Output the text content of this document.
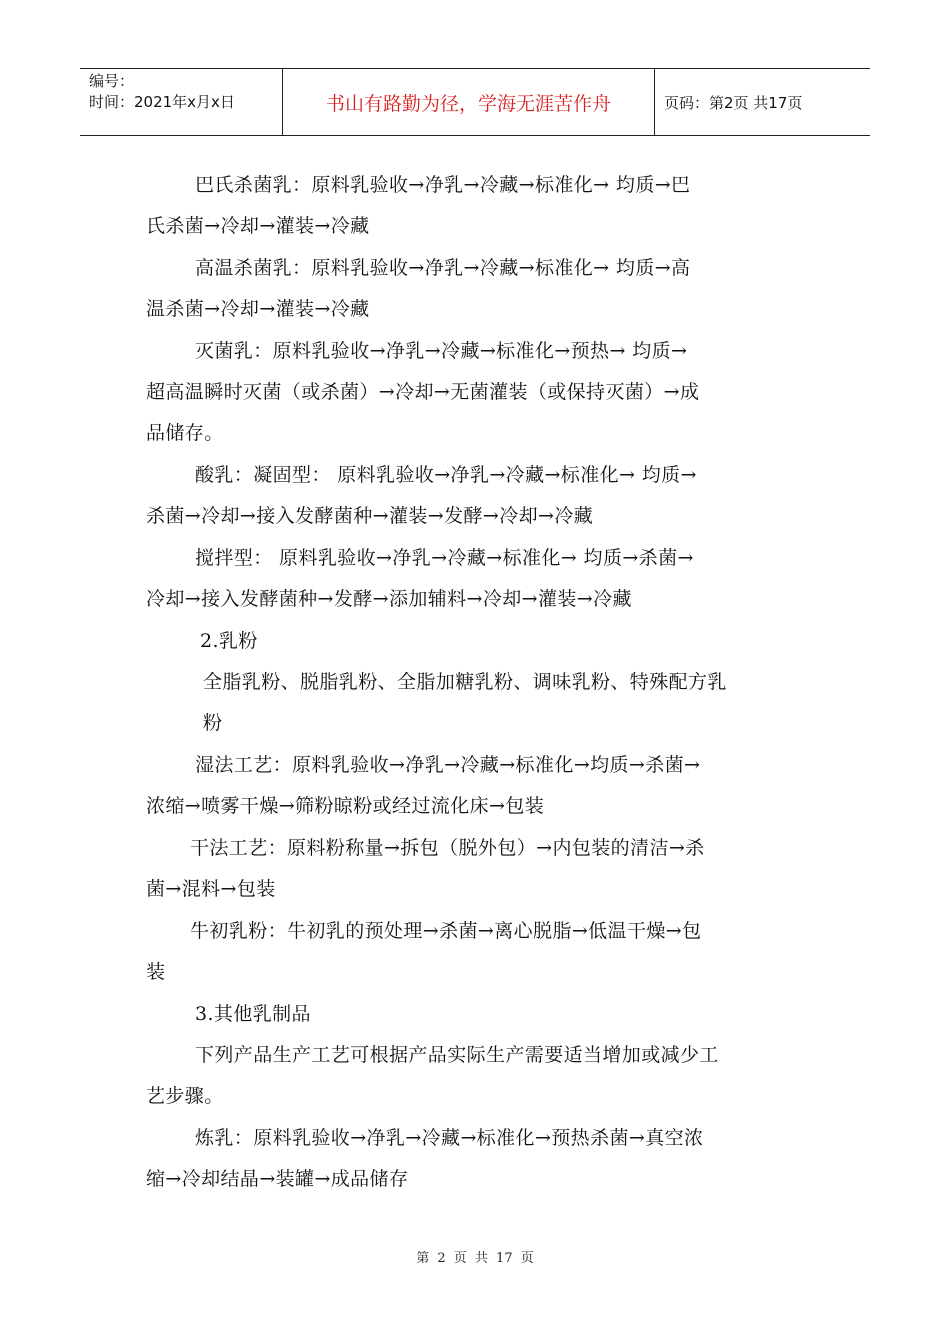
编号：
时间：2021年x月x日	书山有路勤为径，学海无涯苦作舟	页码：第2页 共17页
巴氏杀菌乳：原料乳验收→净乳→冷藏→标准化→ 均质→巴
氏杀菌→冷却→灌装→冷藏
高温杀菌乳：原料乳验收→净乳→冷藏→标准化→ 均质→高
温杀菌→冷却→灌装→冷藏
灭菌乳：原料乳验收→净乳→冷藏→标准化→预热→ 均质→
超高温瞬时灭菌（或杀菌）→冷却→无菌灌装（或保持灭菌）→成
品储存。
酸乳：凝固型： 原料乳验收→净乳→冷藏→标准化→ 均质→
杀菌→冷却→接入发酵菌种→灌装→发酵→冷却→冷藏
搅拌型： 原料乳验收→净乳→冷藏→标准化→ 均质→杀菌→
冷却→接入发酵菌种→发酵→添加辅料→冷却→灌装→冷藏
2.乳粉
全脂乳粉、脱脂乳粉、全脂加糖乳粉、调味乳粉、特殊配方乳
粉
湿法工艺：原料乳验收→净乳→冷藏→标准化→均质→杀菌→
浓缩→喷雾干燥→筛粉晾粉或经过流化床→包装
干法工艺：原料粉称量→拆包（脱外包）→内包装的清洁→杀
菌→混料→包装
牛初乳粉：牛初乳的预处理→杀菌→离心脱脂→低温干燥→包
装
3.其他乳制品
下列产品生产工艺可根据产品实际生产需要适当增加或减少工
艺步骤。
炼乳：原料乳验收→净乳→冷藏→标准化→预热杀菌→真空浓
缩→冷却结晶→装罐→成品储存
第 2 页 共 17 页
